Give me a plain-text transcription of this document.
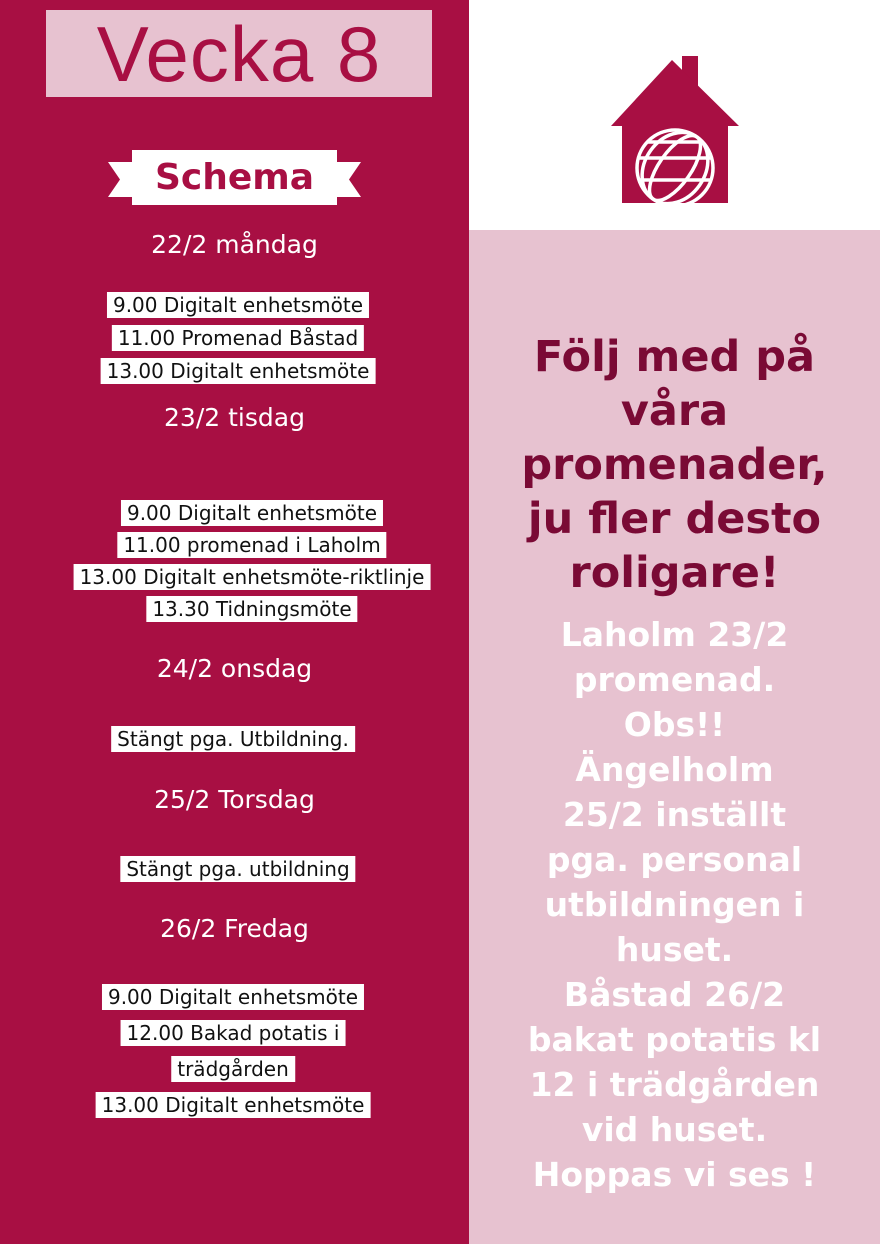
Vecka 8
Schema
22/2 måndag
9.00 Digitalt enhetsmöte
11.00 Promenad Båstad
13.00 Digitalt enhetsmöte
23/2 tisdag
9.00 Digitalt enhetsmöte
11.00 promenad i Laholm
13.00 Digitalt enhetsmöte-riktlinje
13.30 Tidningsmöte
24/2 onsdag
Stängt pga. Utbildning.
25/2 Torsdag
Stängt pga. utbildning
26/2 Fredag
9.00 Digitalt enhetsmöte
12.00 Bakad potatis i
trädgården
13.00 Digitalt enhetsmöte
Följ med på
våra
promenader,
ju fler desto
roligare!
Laholm 23/2
promenad.
Obs!!
Ängelholm
25/2 inställt
pga. personal
utbildningen i
huset.
Båstad 26/2
bakat potatis kl
12 i trädgården
vid huset.
Hoppas vi ses !
